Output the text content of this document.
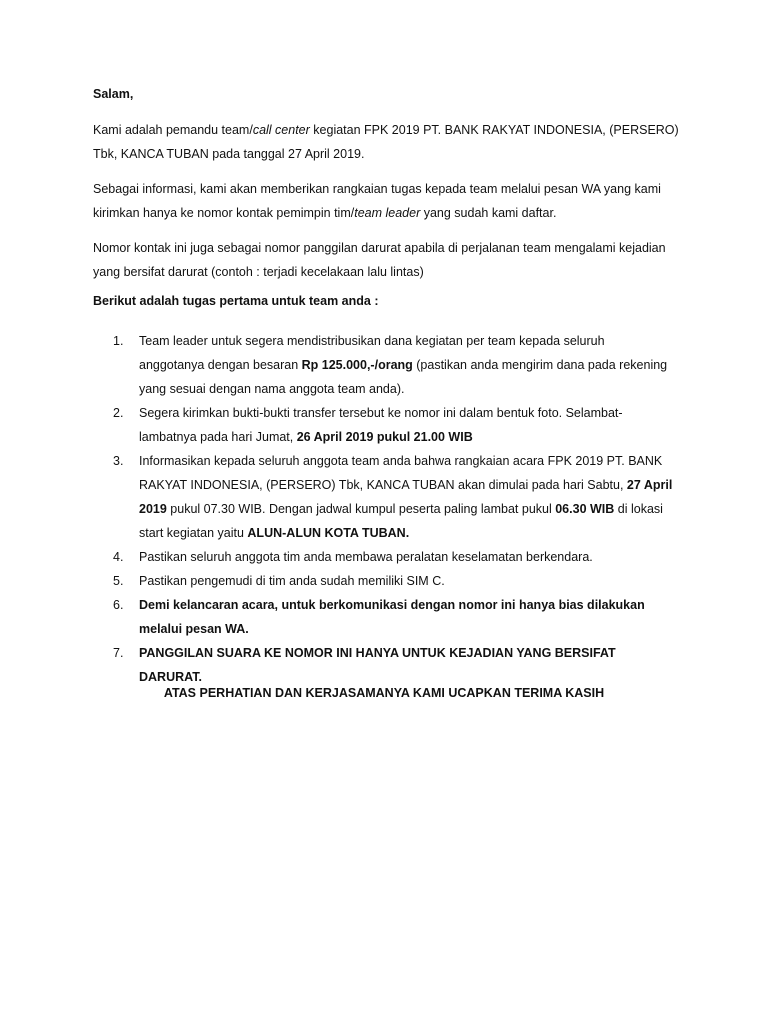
Salam,
Kami adalah pemandu team/call center kegiatan FPK 2019 PT. BANK RAKYAT INDONESIA, (PERSERO) Tbk, KANCA TUBAN pada tanggal 27 April 2019.
Sebagai informasi, kami akan memberikan rangkaian tugas kepada team melalui pesan WA yang kami kirimkan hanya ke nomor kontak pemimpin tim/team leader yang sudah kami daftar.
Nomor kontak ini juga sebagai nomor panggilan darurat apabila di perjalanan team mengalami kejadian yang bersifat darurat (contoh : terjadi kecelakaan lalu lintas)
Berikut adalah tugas pertama untuk team anda :
1. Team leader untuk segera mendistribusikan dana kegiatan per team kepada seluruh anggotanya dengan besaran Rp 125.000,-/orang (pastikan anda mengirim dana pada rekening yang sesuai dengan nama anggota team anda).
2. Segera kirimkan bukti-bukti transfer tersebut ke nomor ini dalam bentuk foto. Selambat-lambatnya pada hari Jumat, 26 April 2019 pukul 21.00 WIB
3. Informasikan kepada seluruh anggota team anda bahwa rangkaian acara FPK 2019 PT. BANK RAKYAT INDONESIA, (PERSERO) Tbk, KANCA TUBAN akan dimulai pada hari Sabtu, 27 April 2019 pukul 07.30 WIB. Dengan jadwal kumpul peserta paling lambat pukul 06.30 WIB di lokasi start kegiatan yaitu ALUN-ALUN KOTA TUBAN.
4. Pastikan seluruh anggota tim anda membawa peralatan keselamatan berkendara.
5. Pastikan pengemudi di tim anda sudah memiliki SIM C.
6. Demi kelancaran acara, untuk berkomunikasi dengan nomor ini hanya bias dilakukan melalui pesan WA.
7. PANGGILAN SUARA KE NOMOR INI HANYA UNTUK KEJADIAN YANG BERSIFAT DARURAT.
ATAS PERHATIAN DAN KERJASAMANYA KAMI UCAPKAN TERIMA KASIH
